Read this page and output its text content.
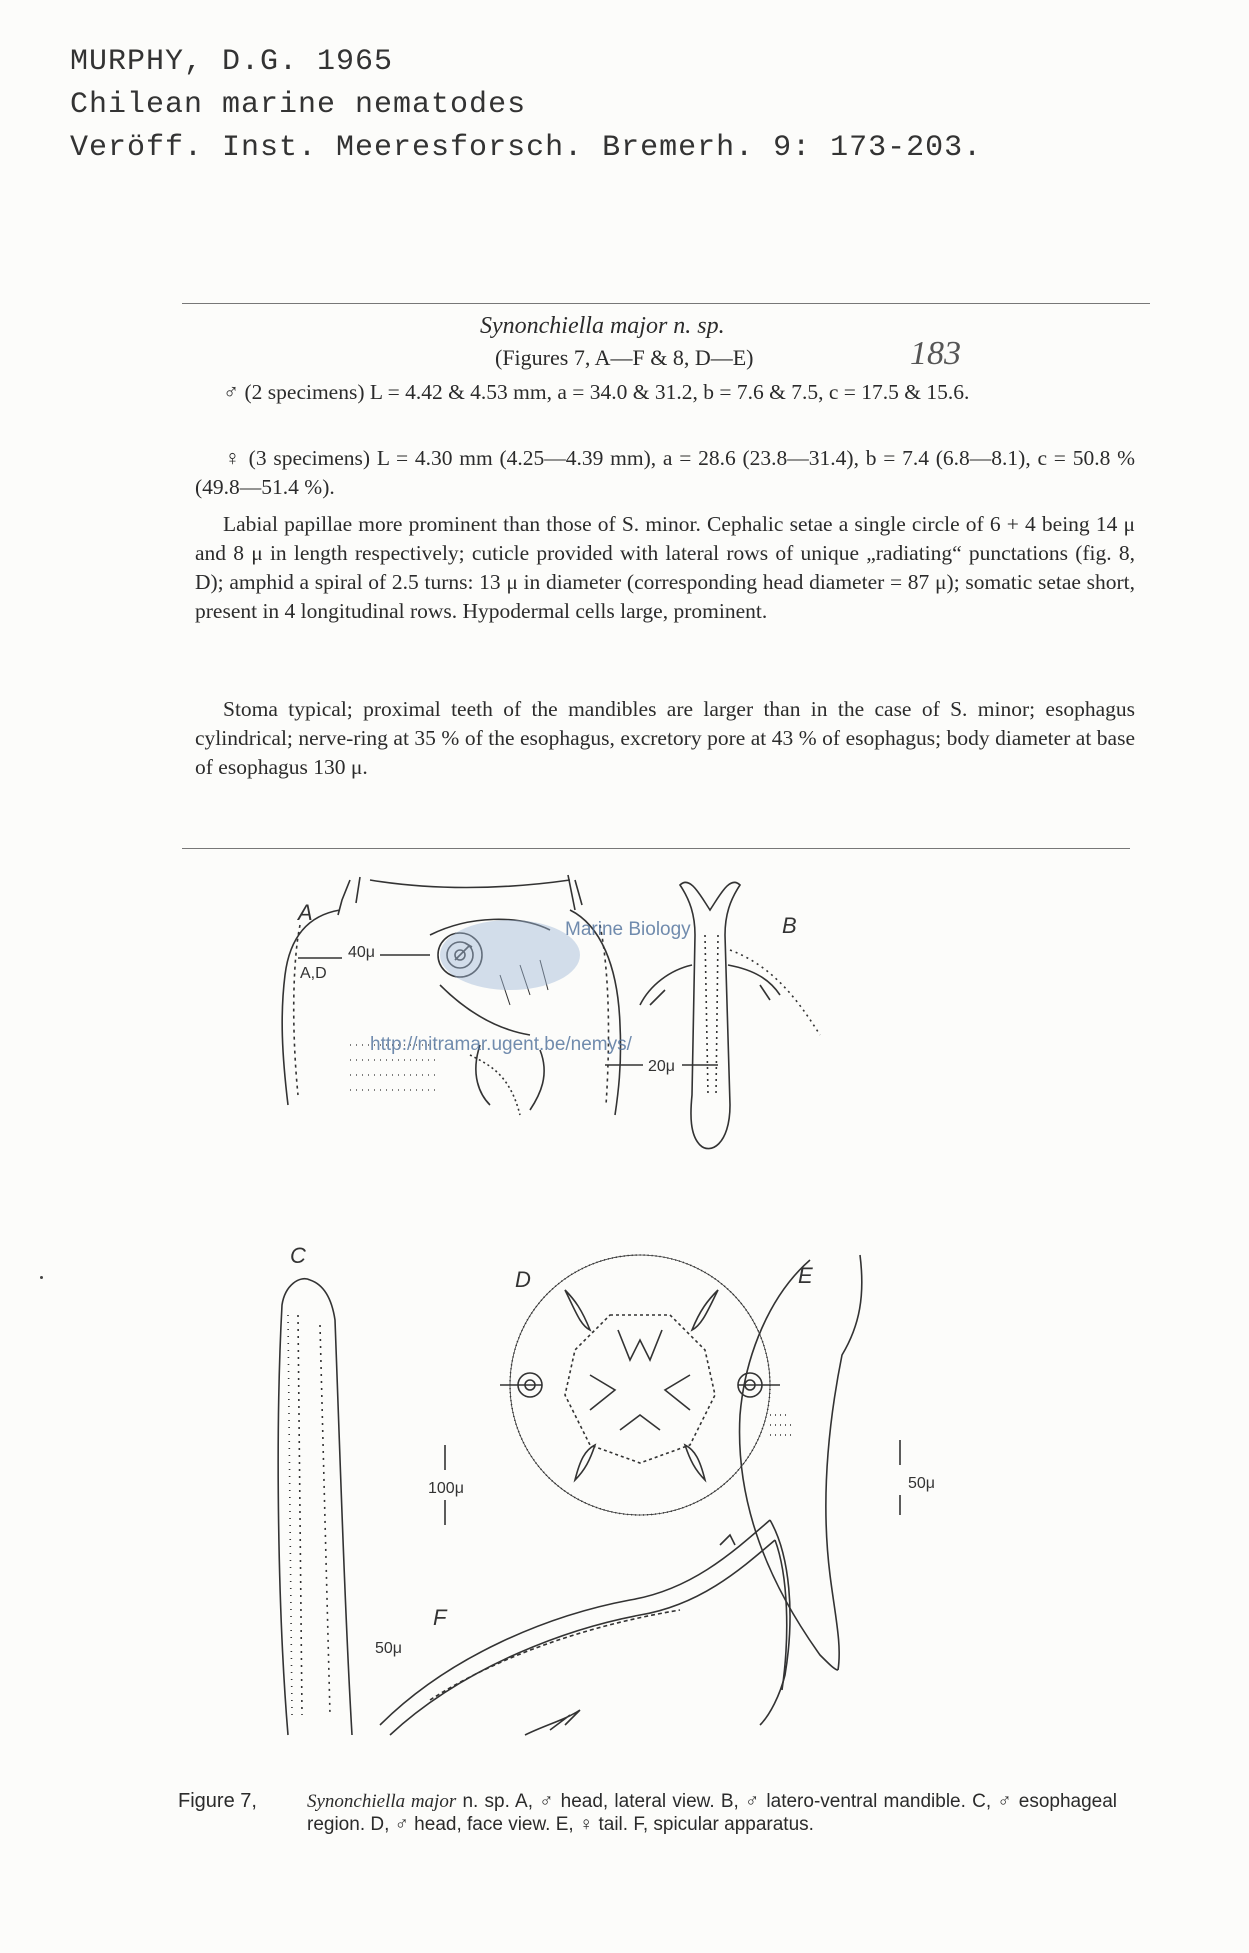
MURPHY, D.G. 1965
Chilean marine nematodes
Veröff. Inst. Meeresforsch. Bremerh. 9: 173-203.
Synonchiella major n. sp.
(Figures 7, A—F & 8, D—E)	183
♂ (2 specimens) L = 4.42 & 4.53 mm, a = 34.0 & 31.2, b = 7.6 & 7.5, c = 17.5 & 15.6.
♀ (3 specimens) L = 4.30 mm (4.25—4.39 mm), a = 28.6 (23.8—31.4), b = 7.4 (6.8—8.1), c = 50.8 % (49.8—51.4 %).
Labial papillae more prominent than those of S. minor. Cephalic setae a single circle of 6 + 4 being 14 μ and 8 μ in length respectively; cuticle provided with lateral rows of unique „radiating“ punctations (fig. 8, D); amphid a spiral of 2.5 turns: 13 μ in diameter (corresponding head diameter = 87 μ); somatic setae short, present in 4 longitudinal rows. Hypodermal cells large, prominent.
Stoma typical; proximal teeth of the mandibles are larger than in the case of S. minor; esophagus cylindrical; nerve-ring at 35 % of the esophagus, excretory pore at 43 % of esophagus; body diameter at base of esophagus 130 μ.
A
A,D
40μ
B
20μ
Marine Biology
http://nitramar.ugent.be/nemys/
C
100μ
D	E
50μ
F
50μ
Figure 7,	Synonchiella major n. sp. A, ♂ head, lateral view. B, ♂ latero-ventral mandible. C, ♂ esophageal region. D, ♂ head, face view. E, ♀ tail. F, spicular apparatus.
